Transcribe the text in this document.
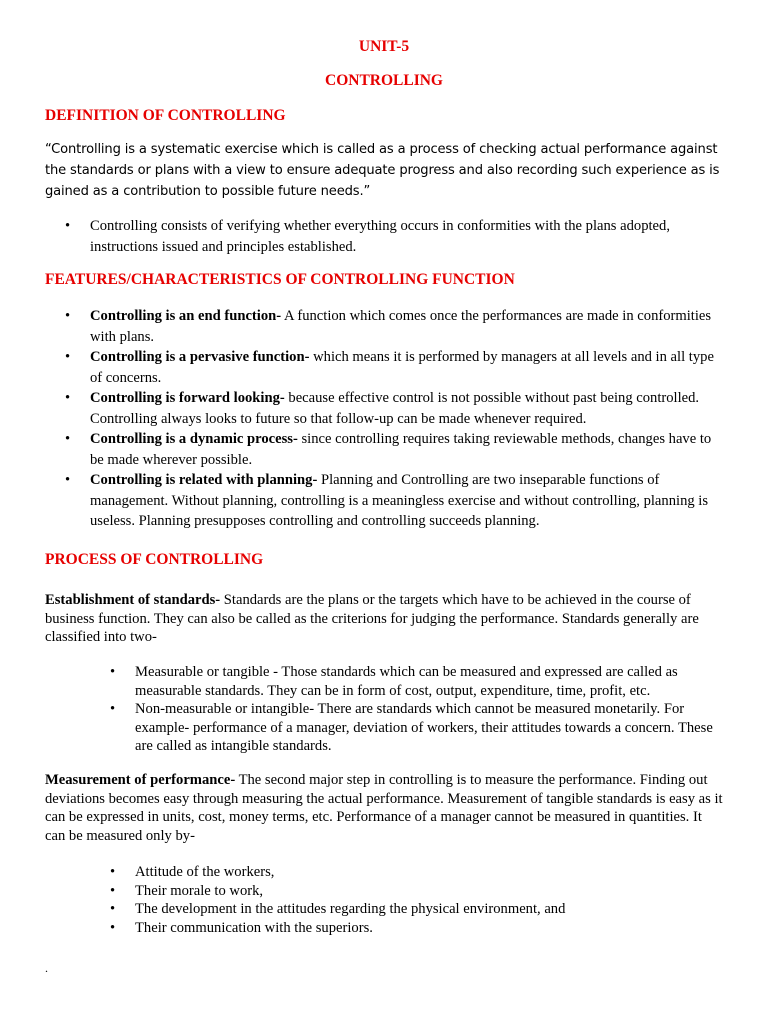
UNIT-5
CONTROLLING
DEFINITION OF CONTROLLING
“Controlling is a systematic exercise which is called as a process of checking actual performance against the standards or plans with a view to ensure adequate progress and also recording such experience as is gained as a contribution to possible future needs.”
• Controlling consists of verifying whether everything occurs in conformities with the plans adopted, instructions issued and principles established.
FEATURES/CHARACTERISTICS OF CONTROLLING FUNCTION
• Controlling is an end function- A function which comes once the performances are made in conformities with plans.
• Controlling is a pervasive function- which means it is performed by managers at all levels and in all type of concerns.
• Controlling is forward looking- because effective control is not possible without past being controlled. Controlling always looks to future so that follow-up can be made whenever required.
• Controlling is a dynamic process- since controlling requires taking reviewable methods, changes have to be made wherever possible.
• Controlling is related with planning- Planning and Controlling are two inseparable functions of management. Without planning, controlling is a meaningless exercise and without controlling, planning is useless. Planning presupposes controlling and controlling succeeds planning.
PROCESS OF CONTROLLING
Establishment of standards- Standards are the plans or the targets which have to be achieved in the course of business function. They can also be called as the criterions for judging the performance. Standards generally are classified into two-
• Measurable or tangible - Those standards which can be measured and expressed are called as measurable standards. They can be in form of cost, output, expenditure, time, profit, etc.
• Non-measurable or intangible- There are standards which cannot be measured monetarily. For example- performance of a manager, deviation of workers, their attitudes towards a concern. These are called as intangible standards.
Measurement of performance- The second major step in controlling is to measure the performance. Finding out deviations becomes easy through measuring the actual performance. Measurement of tangible standards is easy as it can be expressed in units, cost, money terms, etc. Performance of a manager cannot be measured in quantities. It can be measured only by-
• Attitude of the workers,
• Their morale to work,
• The development in the attitudes regarding the physical environment, and
• Their communication with the superiors.
.
